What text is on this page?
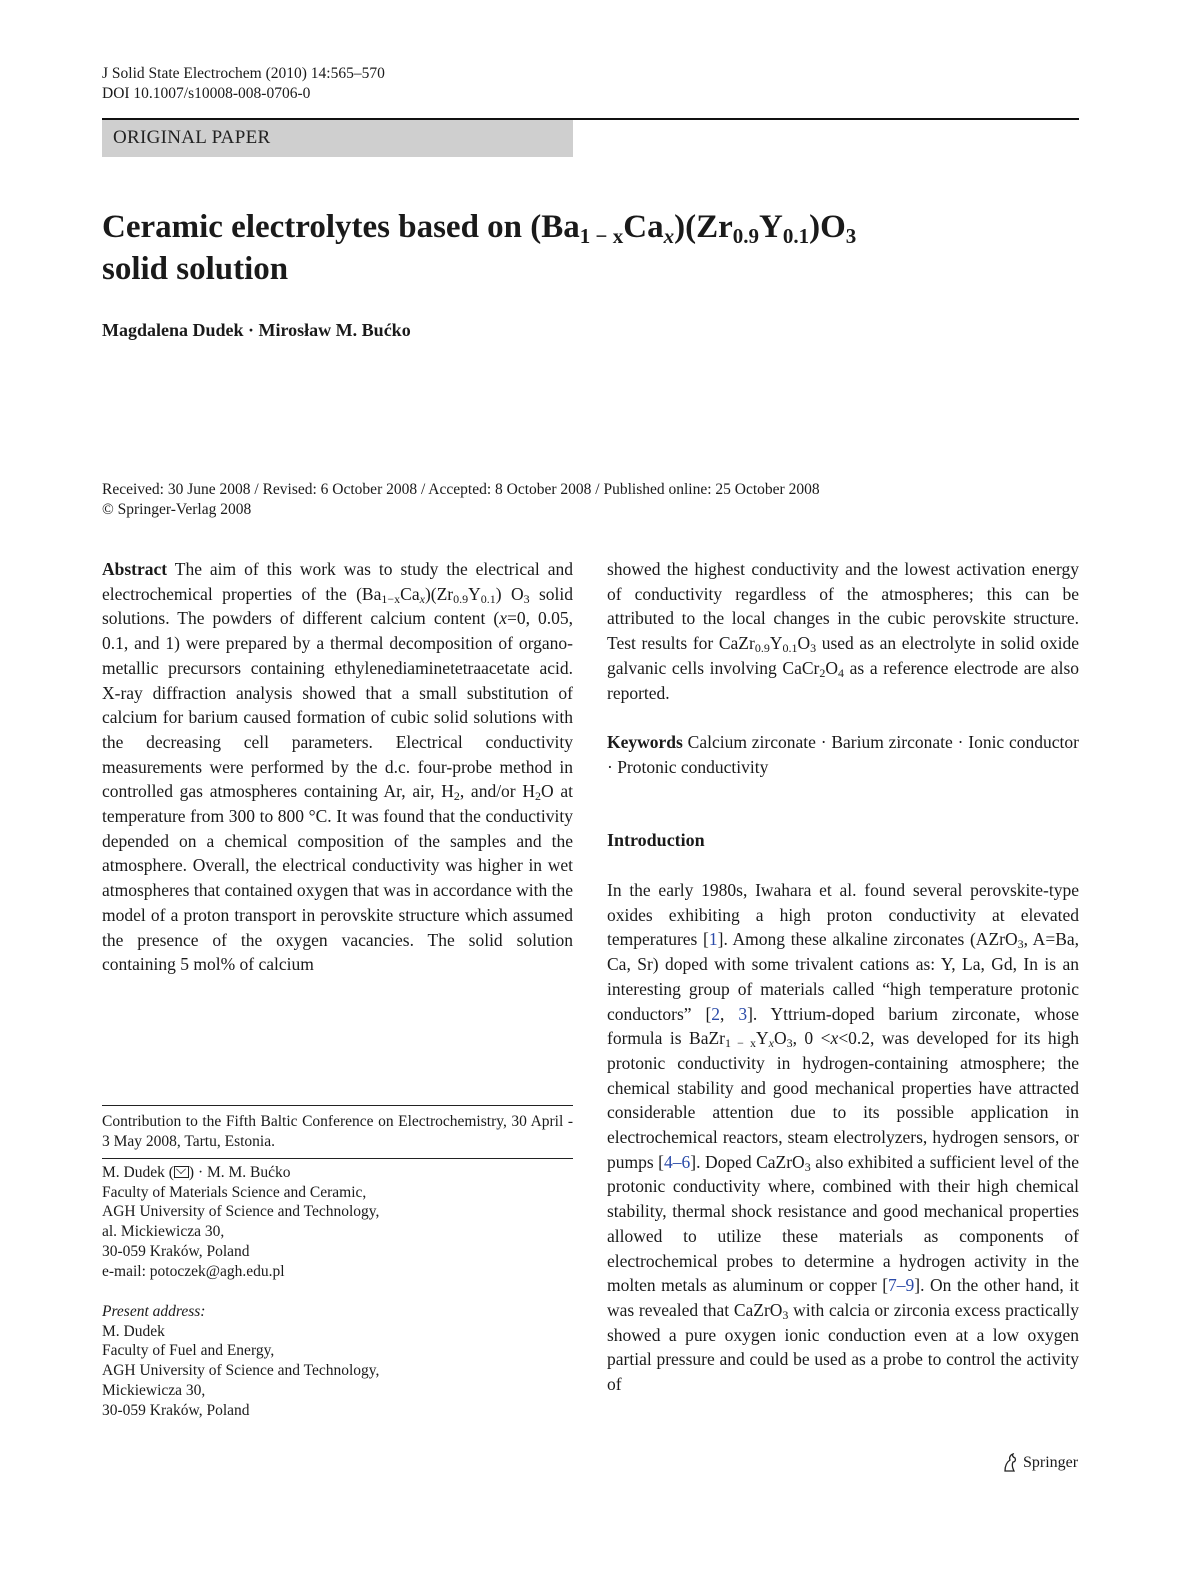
J Solid State Electrochem (2010) 14:565–570
DOI 10.1007/s10008-008-0706-0
ORIGINAL PAPER
Ceramic electrolytes based on $(Ba_{1 - x}Ca_x)(Zr_{0.9}Y_{0.1})O_3$
solid solution
Magdalena Dudek · Mirosław M. Bućko
Received: 30 June 2008 / Revised: 6 October 2008 / Accepted: 8 October 2008 / Published online: 25 October 2008
© Springer-Verlag 2008
Abstract The aim of this work was to study the electrical and electrochemical properties of the $(Ba_{1-x}Ca_x)(Zr_{0.9}Y_{0.1})$ $O_3$ solid solutions. The powders of different calcium content (x=0, 0.05, 0.1, and 1) were prepared by a thermal decomposition of organo-metallic precursors containing ethylenediaminetetraacetate acid. X-ray diffraction analysis showed that a small substitution of calcium for barium caused formation of cubic solid solutions with the decreasing cell parameters. Electrical conductivity measurements were performed by the d.c. four-probe method in controlled gas atmospheres containing Ar, air, $H_2$, and/or $H_2O$ at temperature from 300 to 800 °C. It was found that the conductivity depended on a chemical composition of the samples and the atmosphere. Overall, the electrical conductivity was higher in wet atmospheres that contained oxygen that was in accordance with the model of a proton transport in perovskite structure which assumed the presence of the oxygen vacancies. The solid solution containing 5 mol% of calcium
showed the highest conductivity and the lowest activation energy of conductivity regardless of the atmospheres; this can be attributed to the local changes in the cubic perovskite structure. Test results for $CaZr_{0.9}Y_{0.1}O_3$ used as an electrolyte in solid oxide galvanic cells involving $CaCr_2O_4$ as a reference electrode are also reported.
Keywords Calcium zirconate · Barium zirconate · Ionic conductor · Protonic conductivity
Introduction
In the early 1980s, Iwahara et al. found several perovskite-type oxides exhibiting a high proton conductivity at elevated temperatures [1]. Among these alkaline zirconates (AZrO$_3$, A=Ba, Ca, Sr) doped with some trivalent cations as: Y, La, Gd, In is an interesting group of materials called “high temperature protonic conductors” [2, 3]. Yttrium-doped barium zirconate, whose formula is $BaZr_{1 - x}Y_xO_3$, 0 <x<0.2, was developed for its high protonic conductivity in hydrogen-containing atmosphere; the chemical stability and good mechanical properties have attracted considerable attention due to its possible application in electrochemical reactors, steam electrolyzers, hydrogen sensors, or pumps [4–6]. Doped CaZrO$_3$ also exhibited a sufficient level of the protonic conductivity where, combined with their high chemical stability, thermal shock resistance and good mechanical properties allowed to utilize these materials as components of electrochemical probes to determine a hydrogen activity in the molten metals as aluminum or copper [7–9]. On the other hand, it was revealed that CaZrO$_3$ with calcia or zirconia excess practically showed a pure oxygen ionic conduction even at a low oxygen partial pressure and could be used as a probe to control the activity of
Contribution to the Fifth Baltic Conference on Electrochemistry, 30 April - 3 May 2008, Tartu, Estonia.
M. Dudek ( ) · M. M. Bućko
Faculty of Materials Science and Ceramic,
AGH University of Science and Technology,
al. Mickiewicza 30,
30-059 Kraków, Poland
e-mail: potoczek@agh.edu.pl
Present address:
M. Dudek
Faculty of Fuel and Energy,
AGH University of Science and Technology,
Mickiewicza 30,
30-059 Kraków, Poland
Springer
